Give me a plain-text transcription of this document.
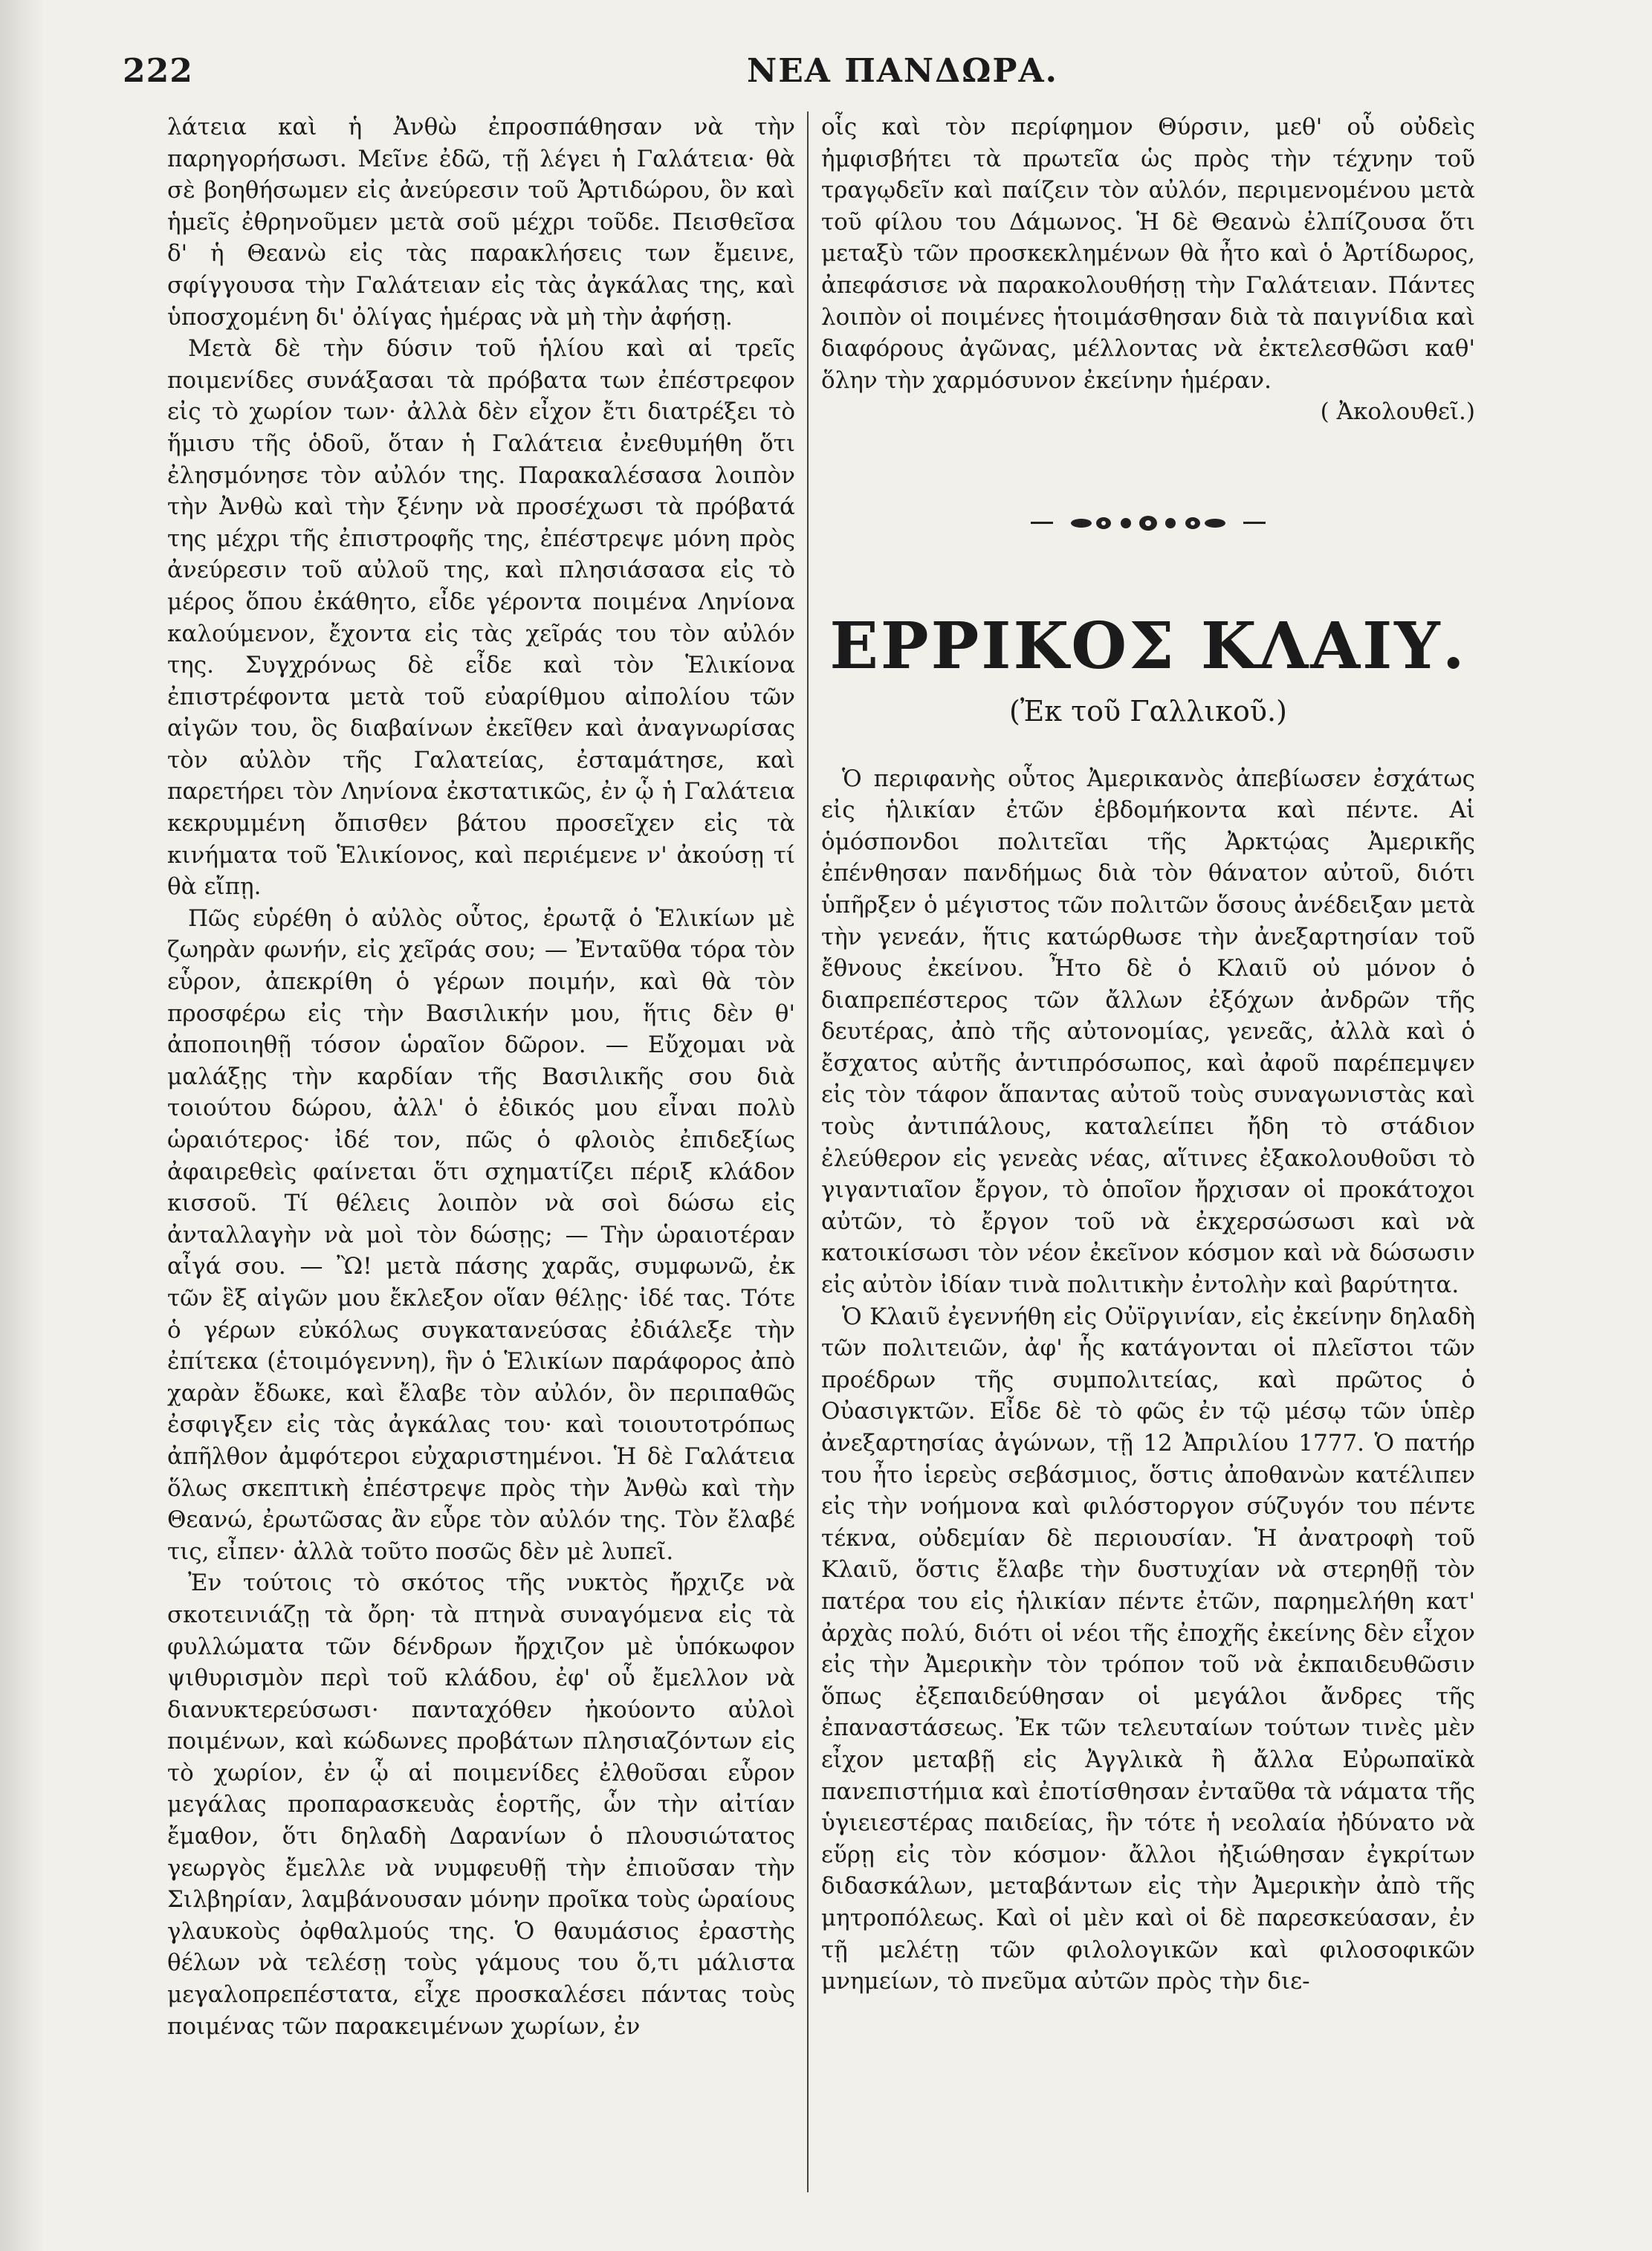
222	ΝΕΑ ΠΑΝΔΩΡΑ.

λάτεια καὶ ἡ Ἀνθὼ ἐπροσπάθησαν νὰ τὴν παρηγορήσωσι. Μεῖνε ἐδῶ, τῇ λέγει ἡ Γαλάτεια· θὰ σὲ βοηθήσωμεν εἰς ἀνεύρεσιν τοῦ Ἀρτιδώρου, ὃν καὶ ἡμεῖς ἐθρηνοῦμεν μετὰ σοῦ μέχρι τοῦδε. Πεισθεῖσα δ' ἡ Θεανὼ εἰς τὰς παρακλήσεις των ἔμεινε, σφίγγουσα τὴν Γαλάτειαν εἰς τὰς ἀγκάλας της, καὶ ὑποσχομένη δι' ὀλίγας ἡμέρας νὰ μὴ τὴν ἀφήσῃ.

Μετὰ δὲ τὴν δύσιν τοῦ ἡλίου καὶ αἱ τρεῖς ποιμενίδες συνάξασαι τὰ πρόβατα των ἐπέστρεφον εἰς τὸ χωρίον των· ἀλλὰ δὲν εἶχον ἔτι διατρέξει τὸ ἥμισυ τῆς ὁδοῦ, ὅταν ἡ Γαλάτεια ἐνεθυμήθη ὅτι ἐλησμόνησε τὸν αὐλόν της. Παρακαλέσασα λοιπὸν τὴν Ἀνθὼ καὶ τὴν ξένην νὰ προσέχωσι τὰ πρόβατά της μέχρι τῆς ἐπιστροφῆς της, ἐπέστρεψε μόνη πρὸς ἀνεύρεσιν τοῦ αὐλοῦ της, καὶ πλησιάσασα εἰς τὸ μέρος ὅπου ἐκάθητο, εἶδε γέροντα ποιμένα Ληνίονα καλούμενον, ἔχοντα εἰς τὰς χεῖράς του τὸν αὐλόν της. Συγχρόνως δὲ εἶδε καὶ τὸν Ἑλικίονα ἐπιστρέφοντα μετὰ τοῦ εὐαρίθμου αἰπολίου τῶν αἰγῶν του, ὃς διαβαίνων ἐκεῖθεν καὶ ἀναγνωρίσας τὸν αὐλὸν τῆς Γαλατείας, ἐσταμάτησε, καὶ παρετήρει τὸν Ληνίονα ἐκστατικῶς, ἐν ᾧ ἡ Γαλάτεια κεκρυμμένη ὄπισθεν βάτου προσεῖχεν εἰς τὰ κινήματα τοῦ Ἑλικίονος, καὶ περιέμενε ν' ἀκούσῃ τί θὰ εἴπῃ.

Πῶς εὑρέθη ὁ αὐλὸς οὗτος, ἐρωτᾷ ὁ Ἑλικίων μὲ ζωηρὰν φωνήν, εἰς χεῖράς σου; — Ἐνταῦθα τόρα τὸν εὗρον, ἀπεκρίθη ὁ γέρων ποιμήν, καὶ θὰ τὸν προσφέρω εἰς τὴν Βασιλικήν μου, ἥτις δὲν θ' ἀποποιηθῇ τόσον ὡραῖον δῶρον. — Εὔχομαι νὰ μαλάξῃς τὴν καρδίαν τῆς Βασιλικῆς σου διὰ τοιούτου δώρου, ἀλλ' ὁ ἐδικός μου εἶναι πολὺ ὡραιότερος· ἰδέ τον, πῶς ὁ φλοιὸς ἐπιδεξίως ἀφαιρεθεὶς φαίνεται ὅτι σχηματίζει πέριξ κλάδον κισσοῦ. Τί θέλεις λοιπὸν νὰ σοὶ δώσω εἰς ἀνταλλαγὴν νὰ μοὶ τὸν δώσῃς; — Τὴν ὡραιοτέραν αἶγά σου. — Ὢ! μετὰ πάσης χαρᾶς, συμφωνῶ, ἐκ τῶν ἓξ αἰγῶν μου ἔκλεξον οἵαν θέλῃς· ἰδέ τας. Τότε ὁ γέρων εὐκόλως συγκατανεύσας ἐδιάλεξε τὴν ἐπίτεκα (ἑτοιμόγεννη), ἣν ὁ Ἑλικίων παράφορος ἀπὸ χαρὰν ἔδωκε, καὶ ἔλαβε τὸν αὐλόν, ὃν περιπαθῶς ἐσφιγξεν εἰς τὰς ἀγκάλας του· καὶ τοιουτοτρόπως ἀπῆλθον ἀμφότεροι εὐχαριστημένοι. Ἡ δὲ Γαλάτεια ὅλως σκεπτικὴ ἐπέστρεψε πρὸς τὴν Ἀνθὼ καὶ τὴν Θεανώ, ἐρωτῶσας ἂν εὗρε τὸν αὐλόν της. Τὸν ἔλαβέ τις, εἶπεν· ἀλλὰ τοῦτο ποσῶς δὲν μὲ λυπεῖ.

Ἐν τούτοις τὸ σκότος τῆς νυκτὸς ἤρχιζε νὰ σκοτεινιάζῃ τὰ ὄρη· τὰ πτηνὰ συναγόμενα εἰς τὰ φυλλώματα τῶν δένδρων ἤρχιζον μὲ ὑπόκωφον ψιθυρισμὸν περὶ τοῦ κλάδου, ἐφ' οὗ ἔμελλον νὰ διανυκτερεύσωσι· πανταχόθεν ἠκούοντο αὐλοὶ ποιμένων, καὶ κώδωνες προβάτων πλησιαζόντων εἰς τὸ χωρίον, ἐν ᾧ αἱ ποιμενίδες ἐλθοῦσαι εὗρον μεγάλας προπαρασκευὰς ἑορτῆς, ὧν τὴν αἰτίαν ἔμαθον, ὅτι δηλαδὴ Δαρανίων ὁ πλουσιώτατος γεωργὸς ἔμελλε νὰ νυμφευθῇ τὴν ἐπιοῦσαν τὴν Σιλβηρίαν, λαμβάνουσαν μόνην προῖκα τοὺς ὡραίους γλαυκοὺς ὀφθαλμούς της. Ὁ θαυμάσιος ἐραστὴς θέλων νὰ τελέσῃ τοὺς γάμους του ὅ,τι μάλιστα μεγαλοπρεπέστατα, εἶχε προσκαλέσει πάντας τοὺς ποιμένας τῶν παρακειμένων χωρίων, ἐν

οἷς καὶ τὸν περίφημον Θύρσιν, μεθ' οὗ οὐδεὶς ἠμφισβήτει τὰ πρωτεῖα ὡς πρὸς τὴν τέχνην τοῦ τραγῳδεῖν καὶ παίζειν τὸν αὐλόν, περιμενομένου μετὰ τοῦ φίλου του Δάμωνος. Ἡ δὲ Θεανὼ ἐλπίζουσα ὅτι μεταξὺ τῶν προσκεκλημένων θὰ ἦτο καὶ ὁ Ἀρτίδωρος, ἀπεφάσισε νὰ παρακολουθήσῃ τὴν Γαλάτειαν. Πάντες λοιπὸν οἱ ποιμένες ἡτοιμάσθησαν διὰ τὰ παιγνίδια καὶ διαφόρους ἀγῶνας, μέλλοντας νὰ ἐκτελεσθῶσι καθ' ὅλην τὴν χαρμόσυνον ἐκείνην ἡμέραν.

( Ἀκολουθεῖ.)

ΕΡΡΙΚΟΣ ΚΛΑΙΥ.
(Ἐκ τοῦ Γαλλικοῦ.)

Ὁ περιφανὴς οὗτος Ἀμερικανὸς ἀπεβίωσεν ἐσχάτως εἰς ἡλικίαν ἐτῶν ἑβδομήκοντα καὶ πέντε. Αἱ ὁμόσπονδοι πολιτεῖαι τῆς Ἀρκτῴας Ἀμερικῆς ἐπένθησαν πανδήμως διὰ τὸν θάνατον αὐτοῦ, διότι ὑπῆρξεν ὁ μέγιστος τῶν πολιτῶν ὅσους ἀνέδειξαν μετὰ τὴν γενεάν, ἥτις κατώρθωσε τὴν ἀνεξαρτησίαν τοῦ ἔθνους ἐκείνου. Ἦτο δὲ ὁ Κλαιῦ οὐ μόνον ὁ διαπρεπέστερος τῶν ἄλλων ἐξόχων ἀνδρῶν τῆς δευτέρας, ἀπὸ τῆς αὐτονομίας, γενεᾶς, ἀλλὰ καὶ ὁ ἔσχατος αὐτῆς ἀντιπρόσωπος, καὶ ἀφοῦ παρέπεμψεν εἰς τὸν τάφον ἅπαντας αὐτοῦ τοὺς συναγωνιστὰς καὶ τοὺς ἀντιπάλους, καταλείπει ἤδη τὸ στάδιον ἐλεύθερον εἰς γενεὰς νέας, αἵτινες ἐξακολουθοῦσι τὸ γιγαντιαῖον ἔργον, τὸ ὁποῖον ἤρχισαν οἱ προκάτοχοι αὐτῶν, τὸ ἔργον τοῦ νὰ ἐκχερσώσωσι καὶ νὰ κατοικίσωσι τὸν νέον ἐκεῖνον κόσμον καὶ νὰ δώσωσιν εἰς αὐτὸν ἰδίαν τινὰ πολιτικὴν ἐντολὴν καὶ βαρύτητα.

Ὁ Κλαιῦ ἐγεννήθη εἰς Οὐϊργινίαν, εἰς ἐκείνην δηλαδὴ τῶν πολιτειῶν, ἀφ' ἧς κατάγονται οἱ πλεῖστοι τῶν προέδρων τῆς συμπολιτείας, καὶ πρῶτος ὁ Οὐασιγκτῶν. Εἶδε δὲ τὸ φῶς ἐν τῷ μέσῳ τῶν ὑπὲρ ἀνεξαρτησίας ἀγώνων, τῇ 12 Ἀπριλίου 1777. Ὁ πατήρ του ἦτο ἱερεὺς σεβάσμιος, ὅστις ἀποθανὼν κατέλιπεν εἰς τὴν νοήμονα καὶ φιλόστοργον σύζυγόν του πέντε τέκνα, οὐδεμίαν δὲ περιουσίαν. Ἡ ἀνατροφὴ τοῦ Κλαιῦ, ὅστις ἔλαβε τὴν δυστυχίαν νὰ στερηθῇ τὸν πατέρα του εἰς ἡλικίαν πέντε ἐτῶν, παρημελήθη κατ' ἀρχὰς πολύ, διότι οἱ νέοι τῆς ἐποχῆς ἐκείνης δὲν εἶχον εἰς τὴν Ἀμερικὴν τὸν τρόπον τοῦ νὰ ἐκπαιδευθῶσιν ὅπως ἐξεπαιδεύθησαν οἱ μεγάλοι ἄνδρες τῆς ἐπαναστάσεως. Ἐκ τῶν τελευταίων τούτων τινὲς μὲν εἶχον μεταβῇ εἰς Ἀγγλικὰ ἢ ἄλλα Εὐρωπαϊκὰ πανεπιστήμια καὶ ἐποτίσθησαν ἐνταῦθα τὰ νάματα τῆς ὑγιειεστέρας παιδείας, ἣν τότε ἡ νεολαία ἠδύνατο νὰ εὕρῃ εἰς τὸν κόσμον· ἄλλοι ἠξιώθησαν ἐγκρίτων διδασκάλων, μεταβάντων εἰς τὴν Ἀμερικὴν ἀπὸ τῆς μητροπόλεως. Καὶ οἱ μὲν καὶ οἱ δὲ παρεσκεύασαν, ἐν τῇ μελέτῃ τῶν φιλολογικῶν καὶ φιλοσοφικῶν μνημείων, τὸ πνεῦμα αὐτῶν πρὸς τὴν διε-
